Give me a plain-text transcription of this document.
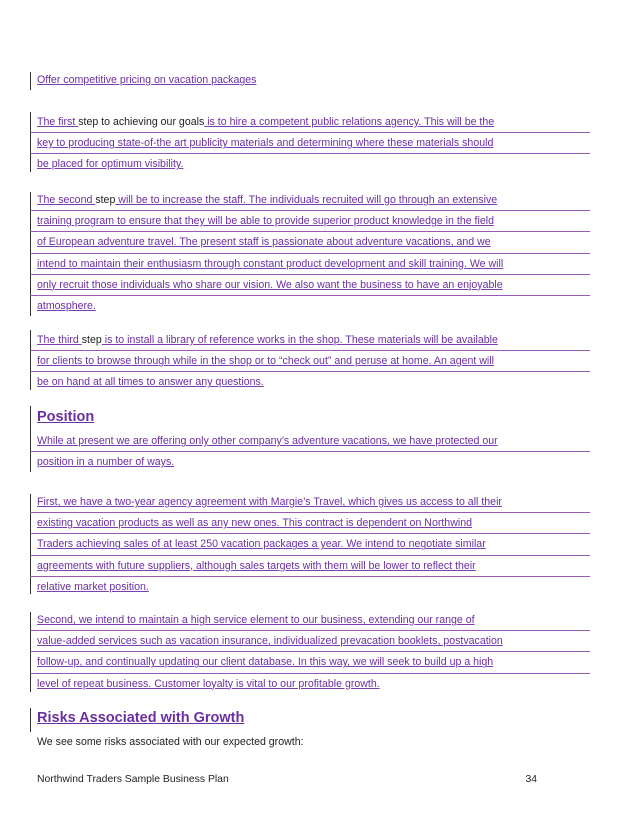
Offer competitive pricing on vacation packages
The first step to achieving our goals is to hire a competent public relations agency. This will be the
key to producing state-of-the art publicity materials and determining where these materials should
be placed for optimum visibility.
The second step will be to increase the staff. The individuals recruited will go through an extensive
training program to ensure that they will be able to provide superior product knowledge in the field
of European adventure travel. The present staff is passionate about adventure vacations, and we
intend to maintain their enthusiasm through constant product development and skill training. We will
only recruit those individuals who share our vision. We also want the business to have an enjoyable
atmosphere.
The third step is to install a library of reference works in the shop. These materials will be available
for clients to browse through while in the shop or to “check out” and peruse at home. An agent will
be on hand at all times to answer any questions.
Position
While at present we are offering only other company’s adventure vacations, we have protected our
position in a number of ways.
First, we have a two-year agency agreement with Margie’s Travel, which gives us access to all their
existing vacation products as well as any new ones. This contract is dependent on Northwind
Traders achieving sales of at least 250 vacation packages a year. We intend to negotiate similar
agreements with future suppliers, although sales targets with them will be lower to reflect their
relative market position.
Second, we intend to maintain a high service element to our business, extending our range of
value-added services such as vacation insurance, individualized prevacation booklets, postvacation
follow-up, and continually updating our client database. In this way, we will seek to build up a high
level of repeat business. Customer loyalty is vital to our profitable growth.
Risks Associated with Growth
We see some risks associated with our expected growth:
Northwind Traders Sample Business Plan	34
